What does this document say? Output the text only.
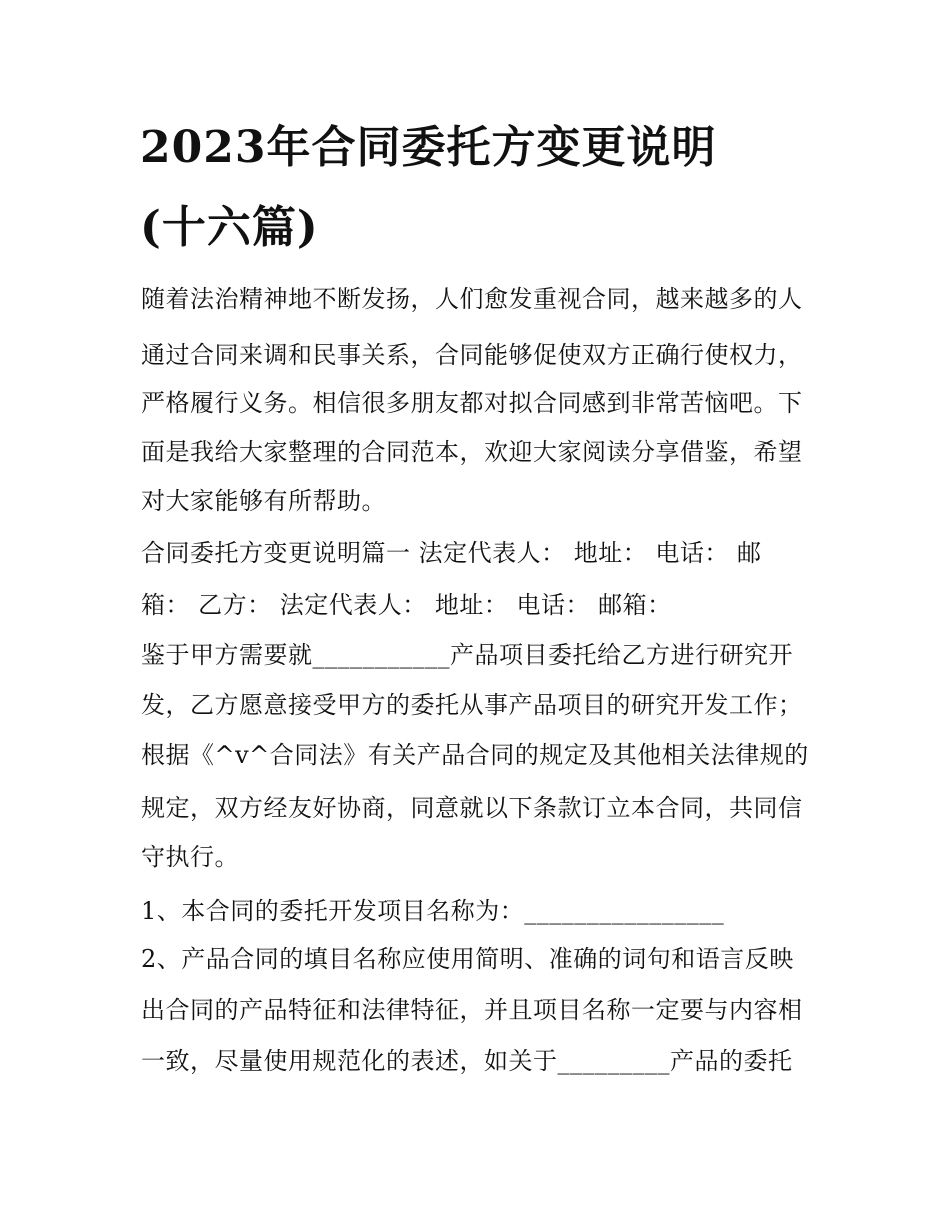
2023年合同委托方变更说明
(十六篇)

随着法治精神地不断发扬，人们愈发重视合同，越来越多的人

通过合同来调和民事关系，合同能够促使双方正确行使权力，

严格履行义务。相信很多朋友都对拟合同感到非常苦恼吧。下

面是我给大家整理的合同范本，欢迎大家阅读分享借鉴，希望

对大家能够有所帮助。

合同委托方变更说明篇一 法定代表人： 地址： 电话： 邮

箱： 乙方： 法定代表人： 地址： 电话： 邮箱：

鉴于甲方需要就___________产品项目委托给乙方进行研究开

发，乙方愿意接受甲方的委托从事产品项目的研究开发工作；

根据《^v^合同法》有关产品合同的规定及其他相关法律规的

规定，双方经友好协商，同意就以下条款订立本合同，共同信

守执行。

1、本合同的委托开发项目名称为：________________

2、产品合同的填目名称应使用简明、准确的词句和语言反映

出合同的产品特征和法律特征，并且项目名称一定要与内容相

一致，尽量使用规范化的表述，如关于_________产品的委托
